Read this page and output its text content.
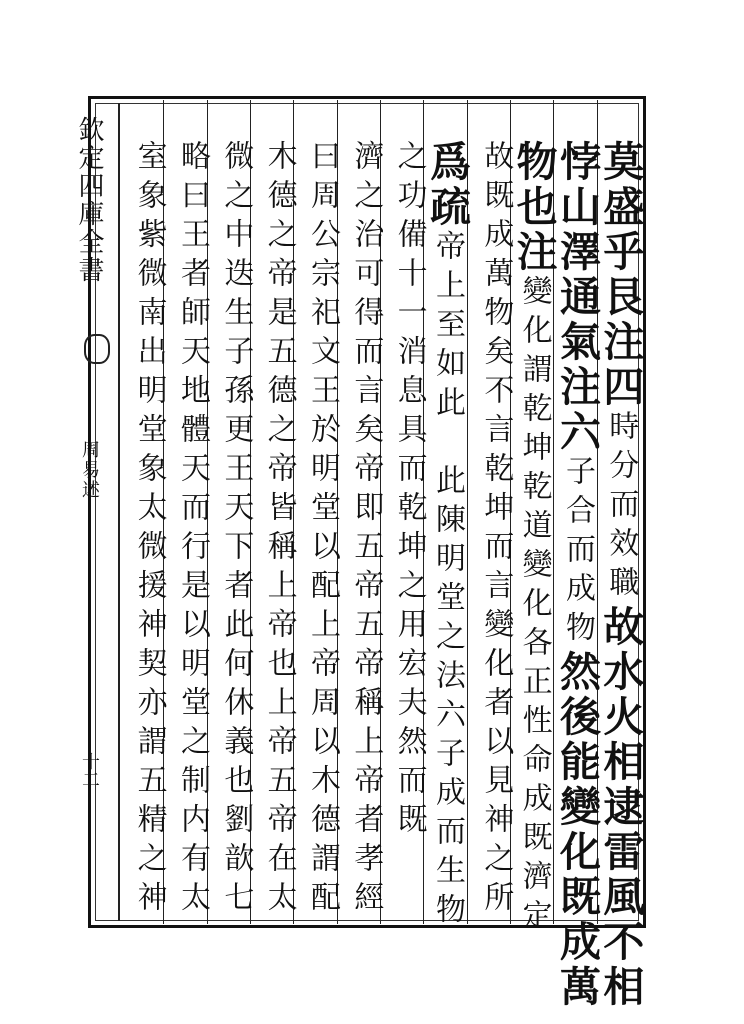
欽定四庫全書
周易述
十二
莫盛乎艮注四時分而效職故水火相逮雷風不相
悖山澤通氣注六子合而成物然後能變化既成萬
物也注變化謂乾坤乾道變化各正性命成既濟定
故既成萬物矣不言乾坤而言變化者以見神之所
爲疏帝上至如此　此陳明堂之法六子成而生物
之功備十一消息具而乾坤之用宏夫然而既
濟之治可得而言矣帝即五帝五帝稱上帝者孝經
曰周公宗祀文王於明堂以配上帝周以木德謂配
木德之帝是五德之帝皆稱上帝也上帝五帝在太
微之中迭生子孫更王天下者此何休義也劉歆七
略曰王者師天地體天而行是以明堂之制内有太
室象紫微南出明堂象太微援神契亦謂五精之神
